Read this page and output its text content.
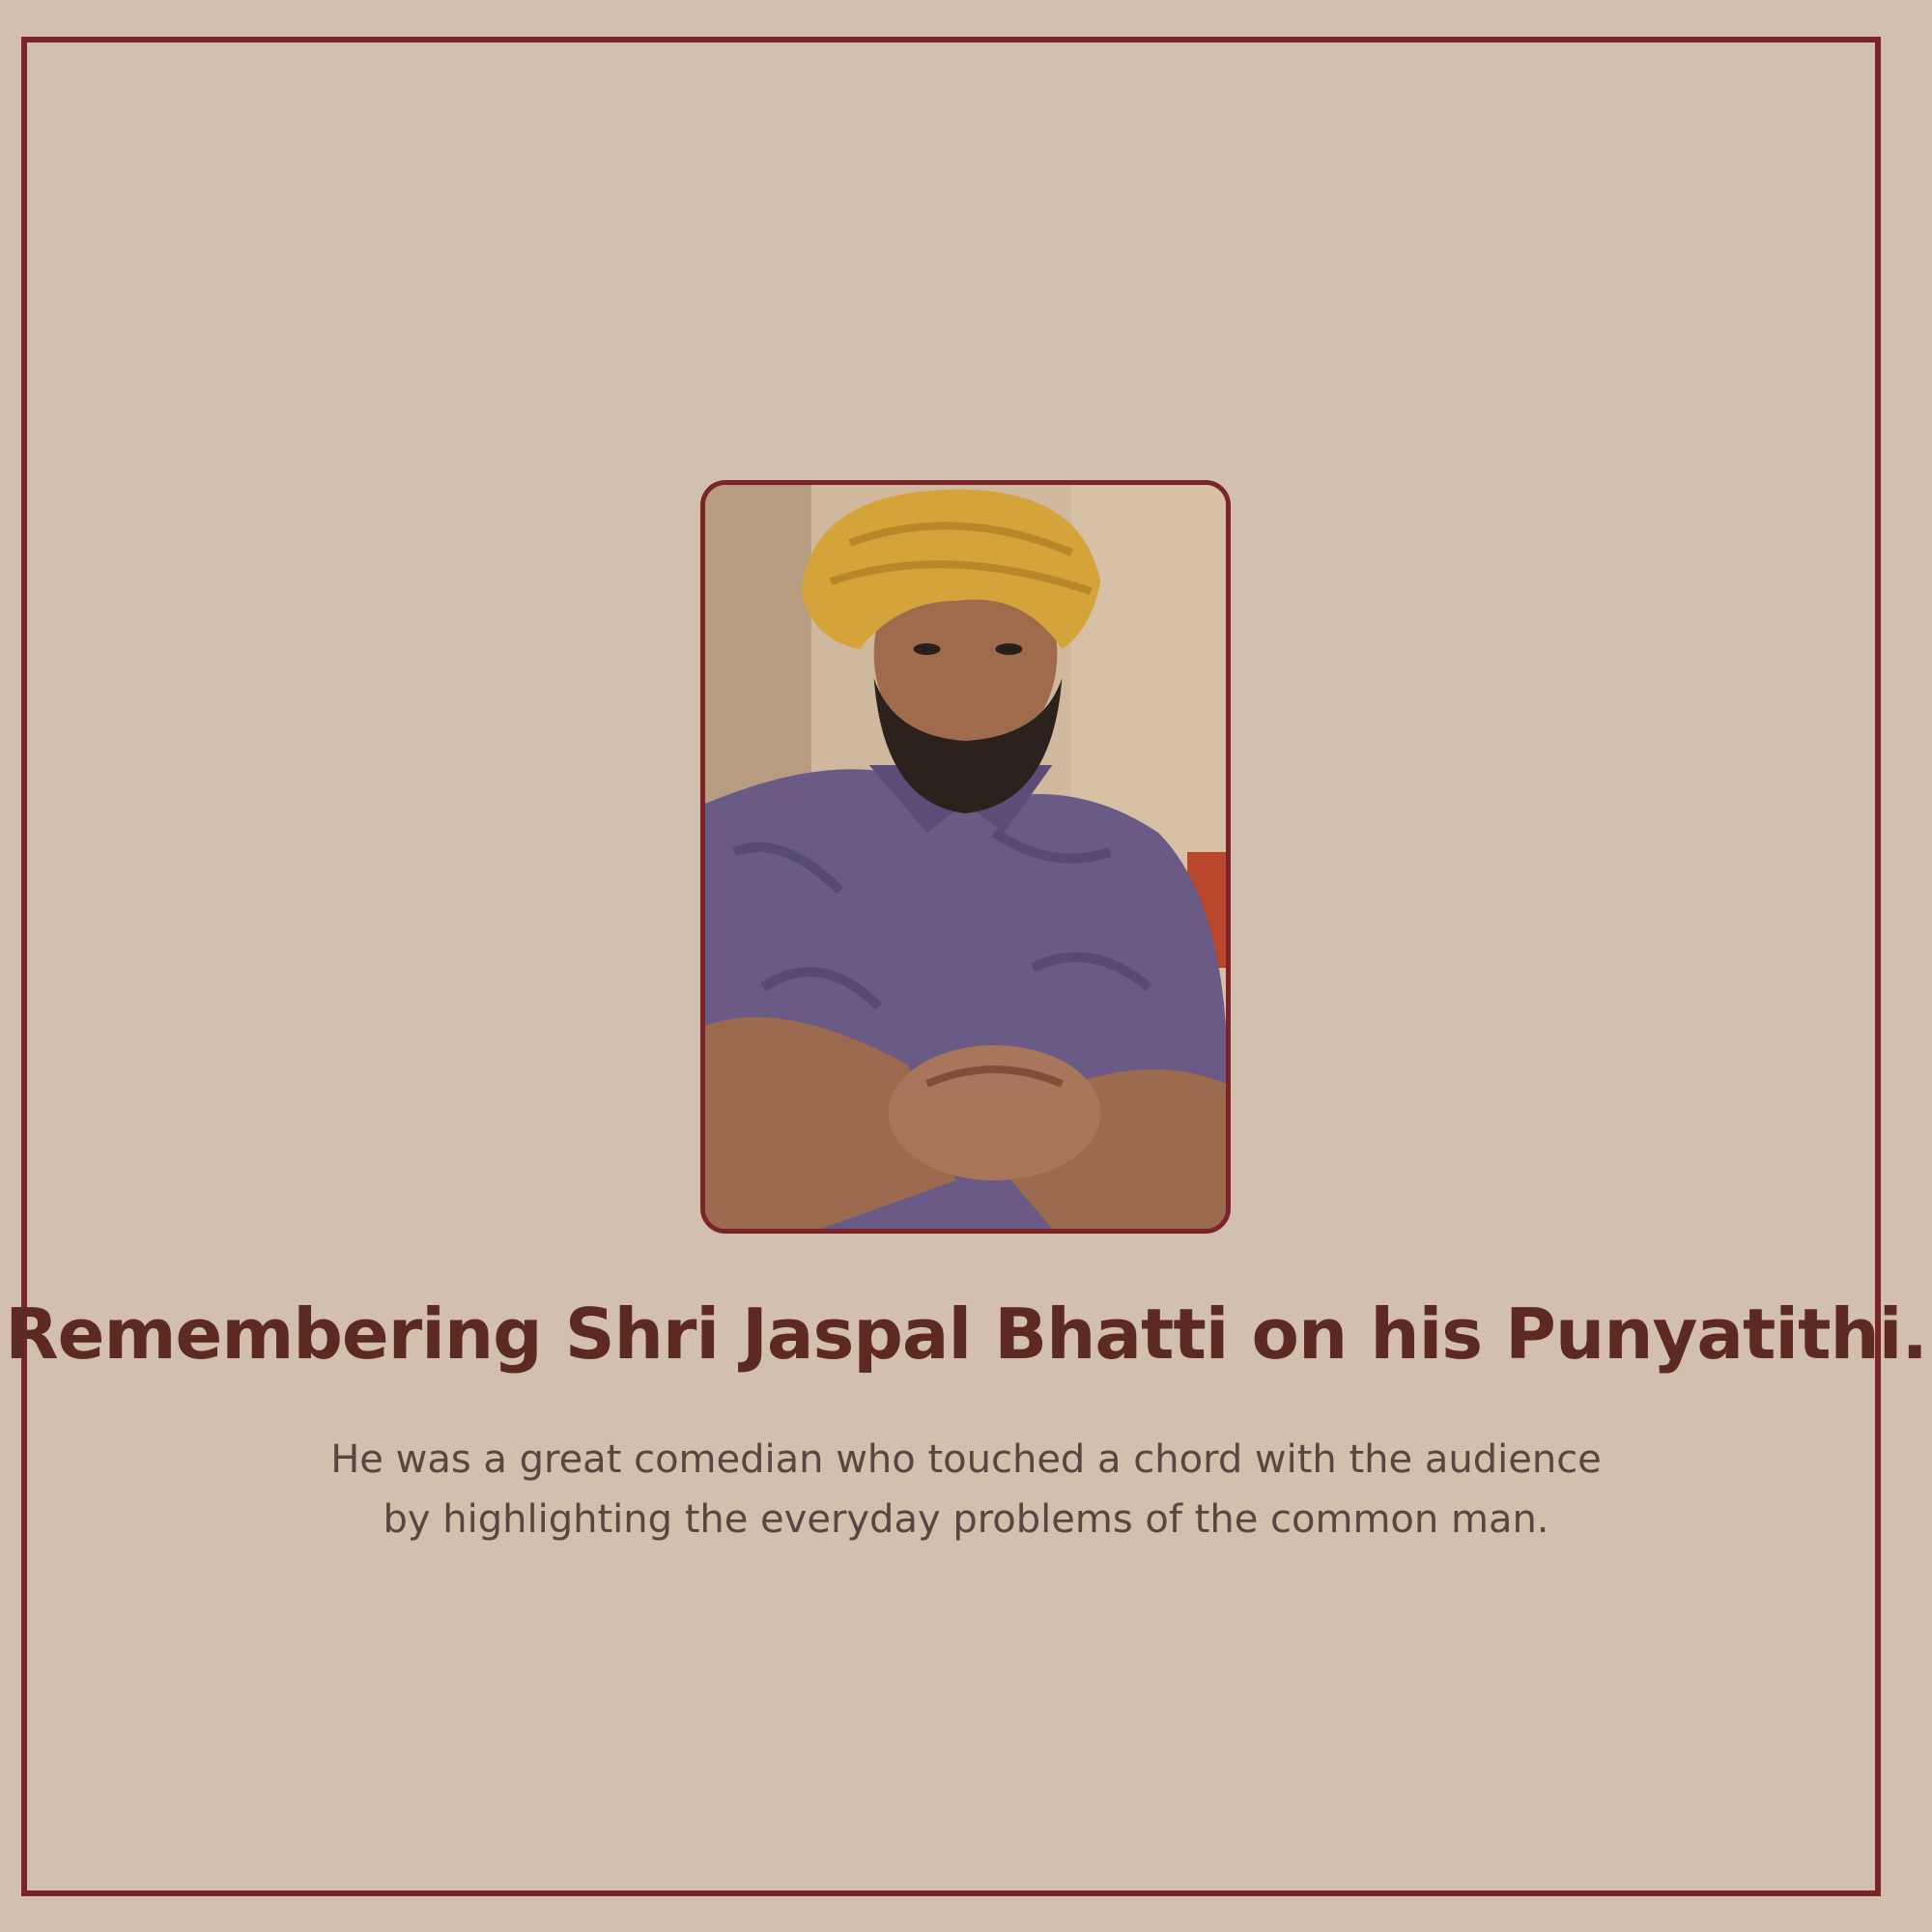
Remembering Shri Jaspal Bhatti on his Punyatithi.
He was a great comedian who touched a chord with the audience
by highlighting the everyday problems of the common man.
